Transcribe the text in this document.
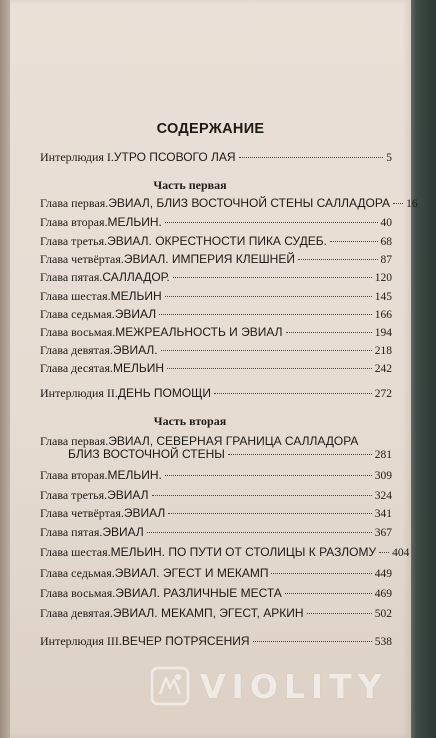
СОДЕРЖАНИЕ
Интерлюдия I. УТРО ПСОВОГО ЛАЯ	5
Часть первая
Глава первая. ЭВИАЛ, БЛИЗ ВОСТОЧНОЙ СТЕНЫ САЛЛАДОРА 16
Глава вторая. МЕЛЬИН.	40
Глава третья. ЭВИАЛ. ОКРЕСТНОСТИ ПИКА СУДЕБ.	68
Глава четвёртая. ЭВИАЛ. ИМПЕРИЯ КЛЕШНЕЙ	87
Глава пятая. САЛЛАДОР.	120
Глава шестая. МЕЛЬИН	145
Глава седьмая. ЭВИАЛ	166
Глава восьмая. МЕЖРЕАЛЬНОСТЬ И ЭВИАЛ	194
Глава девятая. ЭВИАЛ.	218
Глава десятая. МЕЛЬИН	242
Интерлюдия II. ДЕНЬ ПОМОЩИ	272
Часть вторая
Глава первая. ЭВИАЛ, СЕВЕРНАЯ ГРАНИЦА САЛЛАДОРА
БЛИЗ ВОСТОЧНОЙ СТЕНЫ	281
Глава вторая. МЕЛЬИН.	309
Глава третья. ЭВИАЛ	324
Глава четвёртая. ЭВИАЛ	341
Глава пятая. ЭВИАЛ	367
Глава шестая. МЕЛЬИН. ПО ПУТИ ОТ СТОЛИЦЫ К РАЗЛОМУ 404
Глава седьмая. ЭВИАЛ. ЭГЕСТ И МЕКАМП	449
Глава восьмая. ЭВИАЛ. РАЗЛИЧНЫЕ МЕСТА	469
Глава девятая. ЭВИАЛ. МЕКАМП, ЭГЕСТ, АРКИН	502
Интерлюдия III. ВЕЧЕР ПОТРЯСЕНИЯ	538
VIOLITY
